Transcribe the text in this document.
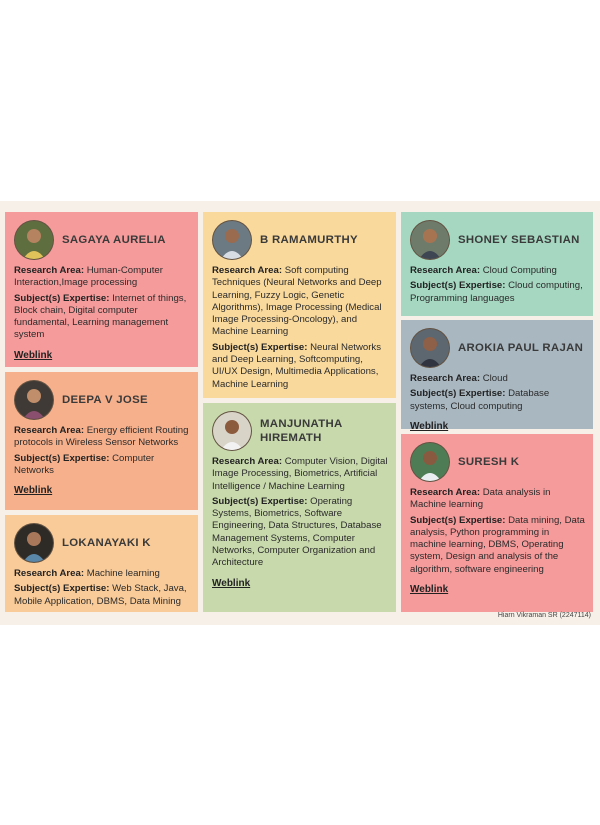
SAGAYA AURELIA
Research Area: Human-Computer Interaction,Image processing
Subject(s) Expertise: Internet of things, Block chain, Digital computer fundamental, Learning management system
Weblink
DEEPA V JOSE
Research Area: Energy efficient Routing protocols in Wireless Sensor Networks
Subject(s) Expertise: Computer Networks
Weblink
LOKANAYAKI K
Research Area: Machine learning
Subject(s) Expertise: Web Stack, Java, Mobile Application, DBMS, Data Mining
B RAMAMURTHY
Research Area: Soft computing Techniques (Neural Networks and Deep Learning, Fuzzy Logic, Genetic Algorithms), Image Processing (Medical Image Processing-Oncology), and Machine Learning
Subject(s) Expertise: Neural Networks and Deep Learning, Softcomputing, UI/UX Design, Multimedia Applications, Machine Learning
MANJUNATHA HIREMATH
Research Area: Computer Vision, Digital Image Processing, Biometrics, Artificial Intelligence / Machine Learning
Subject(s) Expertise: Operating Systems, Biometrics, Software Engineering, Data Structures, Database Management Systems, Computer Networks, Computer Organization and Architecture
Weblink
SHONEY SEBASTIAN
Research Area: Cloud Computing
Subject(s) Expertise: Cloud computing, Programming languages
AROKIA PAUL RAJAN
Research Area: Cloud
Subject(s) Expertise: Database systems, Cloud computing
Weblink
SURESH K
Research Area: Data analysis in Machine learning
Subject(s) Expertise: Data mining, Data analysis, Python programming in machine learning, DBMS, Operating system, Design and analysis of the algorithm, software engineering
Weblink
Hiarn Vikraman SR (2247114)
